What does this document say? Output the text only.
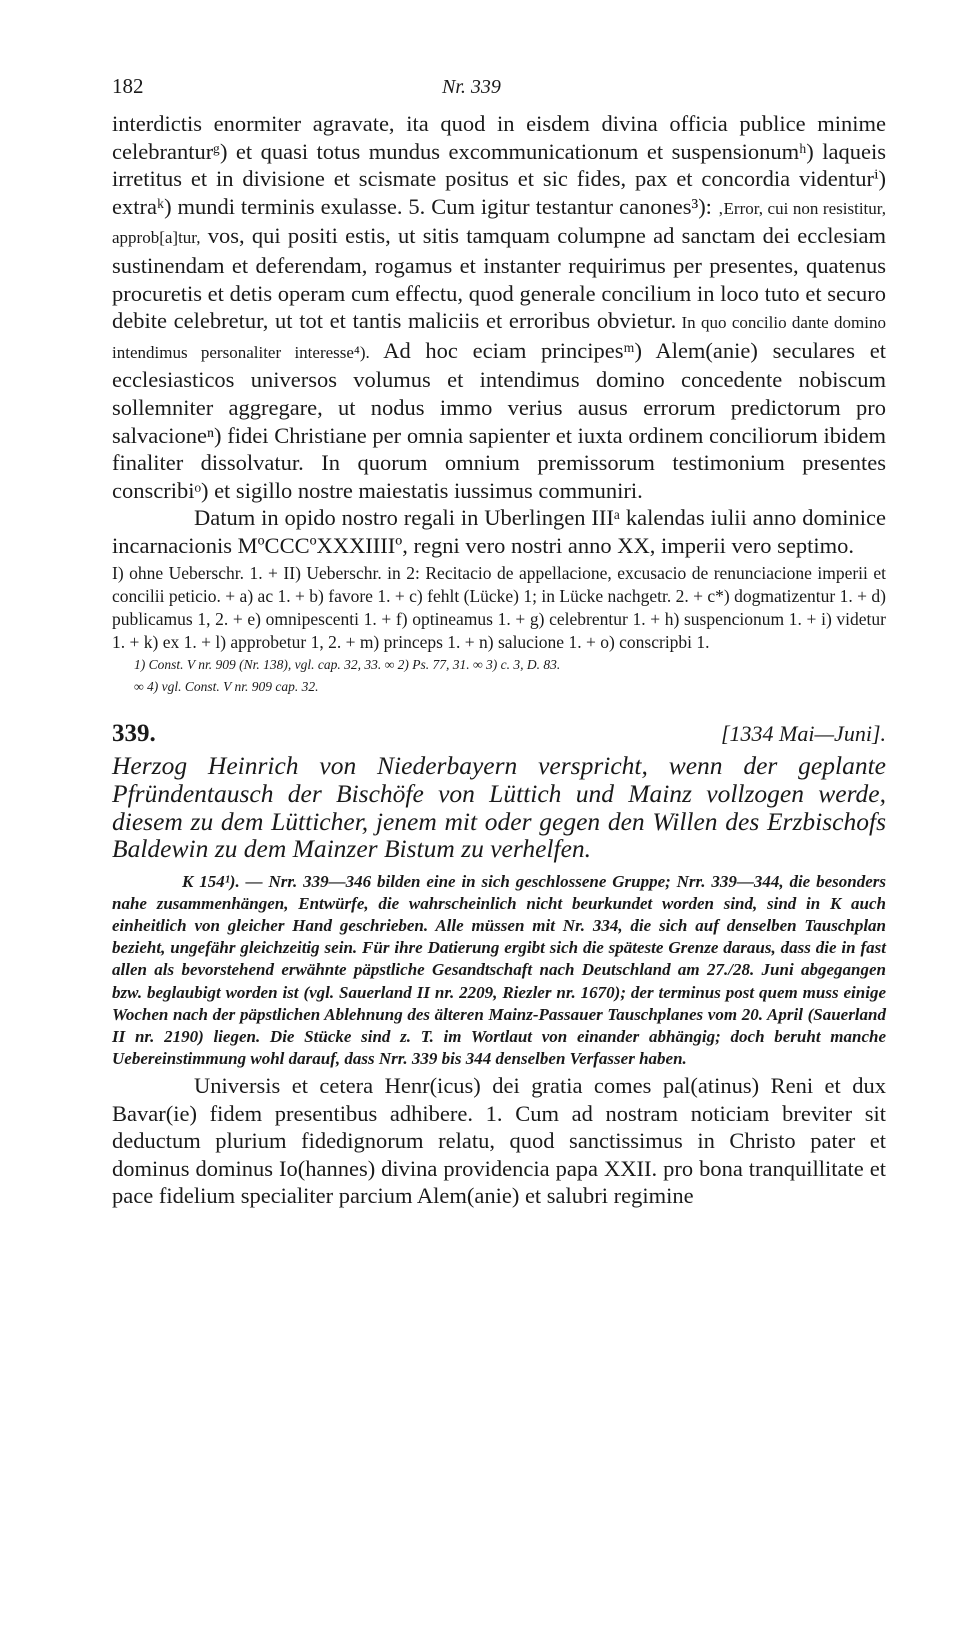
182	Nr. 339

interdictis enormiter agravate, ita quod in eisdem divina officia publice minime celebranturᵍ) et quasi totus mundus excommunicationum et suspensionumʰ) laqueis irretitus et in divisione et scismate positus et sic fides, pax et concordia videnturⁱ) extraᵏ) mundi terminis exulasse. 5. Cum igitur testantur canones³): ‚Error, cui non resistitur, approb[a]tur, vos, qui positi estis, ut sitis tamquam columpne ad sanctam dei ecclesiam sustinendam et deferendam, rogamus et instanter requirimus per presentes, quatenus procuretis et detis operam cum effectu, quod generale concilium in loco tuto et securo debite celebretur, ut tot et tantis maliciis et erroribus obvietur. In quo concilio dante domino intendimus personaliter interesse⁴). Ad hoc eciam principesᵐ) Alem(anie) seculares et ecclesiasticos universos volumus et intendimus domino concedente nobiscum sollemniter aggregare, ut nodus immo verius ausus errorum predictorum pro salvacioneⁿ) fidei Christiane per omnia sapienter et iuxta ordinem conciliorum ibidem finaliter dissolvatur. In quorum omnium premissorum testimonium presentes conscribiᵒ) et sigillo nostre maiestatis iussimus communiri.

Datum in opido nostro regali in Uberlingen IIIᵃ kalendas iulii anno dominice incarnacionis MºCCCºXXXIIIIº, regni vero nostri anno XX, imperii vero septimo.

I) ohne Ueberschr. 1. + II) Ueberschr. in 2: Recitacio de appellacione, excusacio de renunciacione imperii et concilii peticio. + a) ac 1. + b) favore 1. + c) fehlt (Lücke) 1; in Lücke nachgetr. 2. + c*) dogmatizentur 1. + d) publicamus 1, 2. + e) omnipescenti 1. + f) optineamus 1. + g) celebrentur 1. + h) suspencionum 1. + i) videtur 1. + k) ex 1. + l) approbetur 1, 2. + m) princeps 1. + n) salucione 1. + o) conscripbi 1.

1) Const. V nr. 909 (Nr. 138), vgl. cap. 32, 33. ∞ 2) Ps. 77, 31. ∞ 3) c. 3, D. 83.

∞ 4) vgl. Const. V nr. 909 cap. 32.

339.	[1334 Mai—Juni].

Herzog Heinrich von Niederbayern verspricht, wenn der geplante Pfründentausch der Bischöfe von Lüttich und Mainz vollzogen werde, diesem zu dem Lütticher, jenem mit oder gegen den Willen des Erzbischofs Baldewin zu dem Mainzer Bistum zu verhelfen.

K 154¹). — Nrr. 339—346 bilden eine in sich geschlossene Gruppe; Nrr. 339—344, die besonders nahe zusammenhängen, Entwürfe, die wahrscheinlich nicht beurkundet worden sind, sind in K auch einheitlich von gleicher Hand geschrieben. Alle müssen mit Nr. 334, die sich auf denselben Tauschplan bezieht, ungefähr gleichzeitig sein. Für ihre Datierung ergibt sich die späteste Grenze daraus, dass die in fast allen als bevorstehend erwähnte päpstliche Gesandtschaft nach Deutschland am 27./28. Juni abgegangen bzw. beglaubigt worden ist (vgl. Sauerland II nr. 2209, Riezler nr. 1670); der terminus post quem muss einige Wochen nach der päpstlichen Ablehnung des älteren Mainz-Passauer Tauschplanes vom 20. April (Sauerland II nr. 2190) liegen. Die Stücke sind z. T. im Wortlaut von einander abhängig; doch beruht manche Uebereinstimmung wohl darauf, dass Nrr. 339 bis 344 denselben Verfasser haben.

Universis et cetera Henr(icus) dei gratia comes pal(atinus) Reni et dux Bavar(ie) fidem presentibus adhibere. 1. Cum ad nostram noticiam breviter sit deductum plurium fidedignorum relatu, quod sanctissimus in Christo pater et dominus dominus Io(hannes) divina providencia papa XXII. pro bona tranquillitate et pace fidelium specialiter parcium Alem(anie) et salubri regimine
